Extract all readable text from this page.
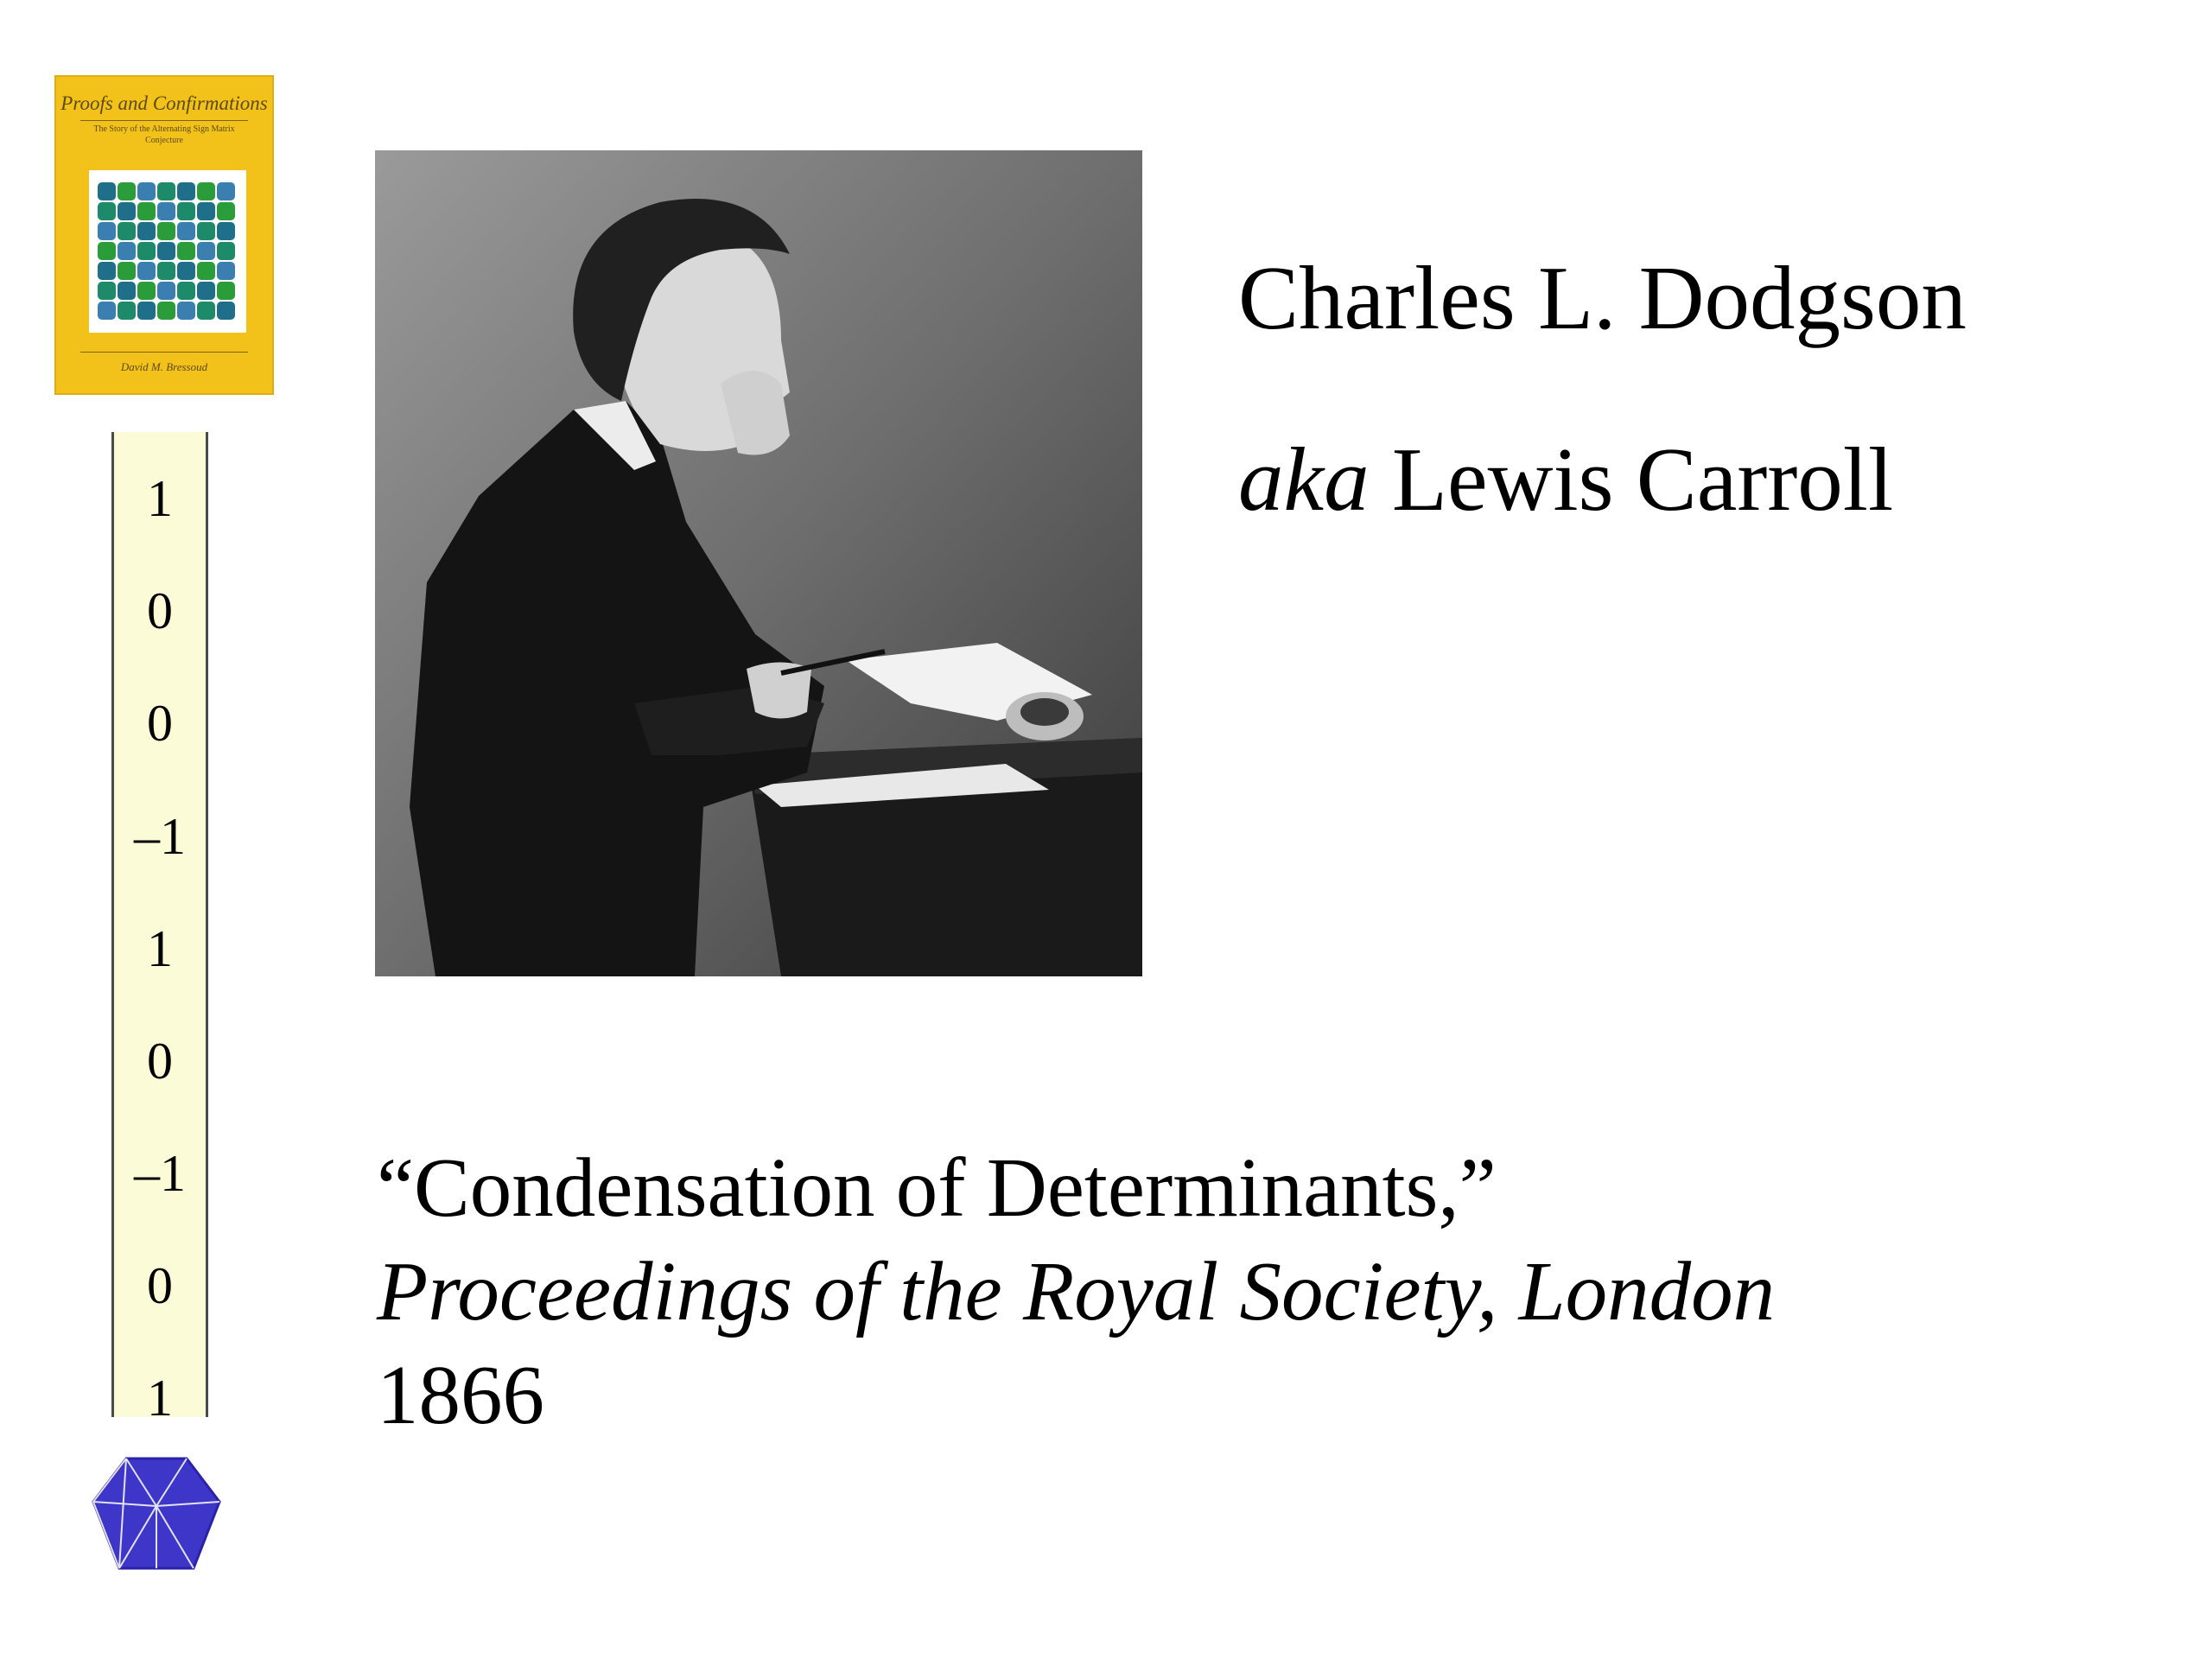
Proofs and Confirmations
The Story of the Alternating Sign Matrix Conjecture
David M. Bressoud
1
0
0
–1
1
0
–1
0
1
Charles L. Dodgson
aka Lewis Carroll
“Condensation of Determinants,”
Proceedings of the Royal Society, London
1866
